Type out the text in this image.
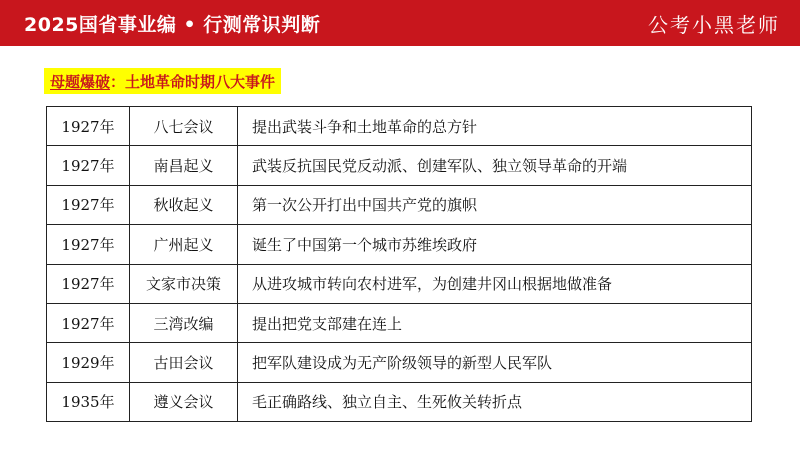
2025国省事业编 • 行测常识判断	公考小黑老师
母题爆破 ：土地革命时期八大事件
1927年	八七会议	提出武装斗争和土地革命的总方针
1927年	南昌起义	武装反抗国民党反动派、创建军队、独立领导革命的开端
1927年	秋收起义	第一次公开打出中国共产党的旗帜
1927年	广州起义	诞生了中国第一个城市苏维埃政府
1927年	文家市决策	从进攻城市转向农村进军，为创建井冈山根据地做准备
1927年	三湾改编	提出把党支部建在连上
1929年	古田会议	把军队建设成为无产阶级领导的新型人民军队
1935年	遵义会议	毛正确路线、独立自主、生死攸关转折点
